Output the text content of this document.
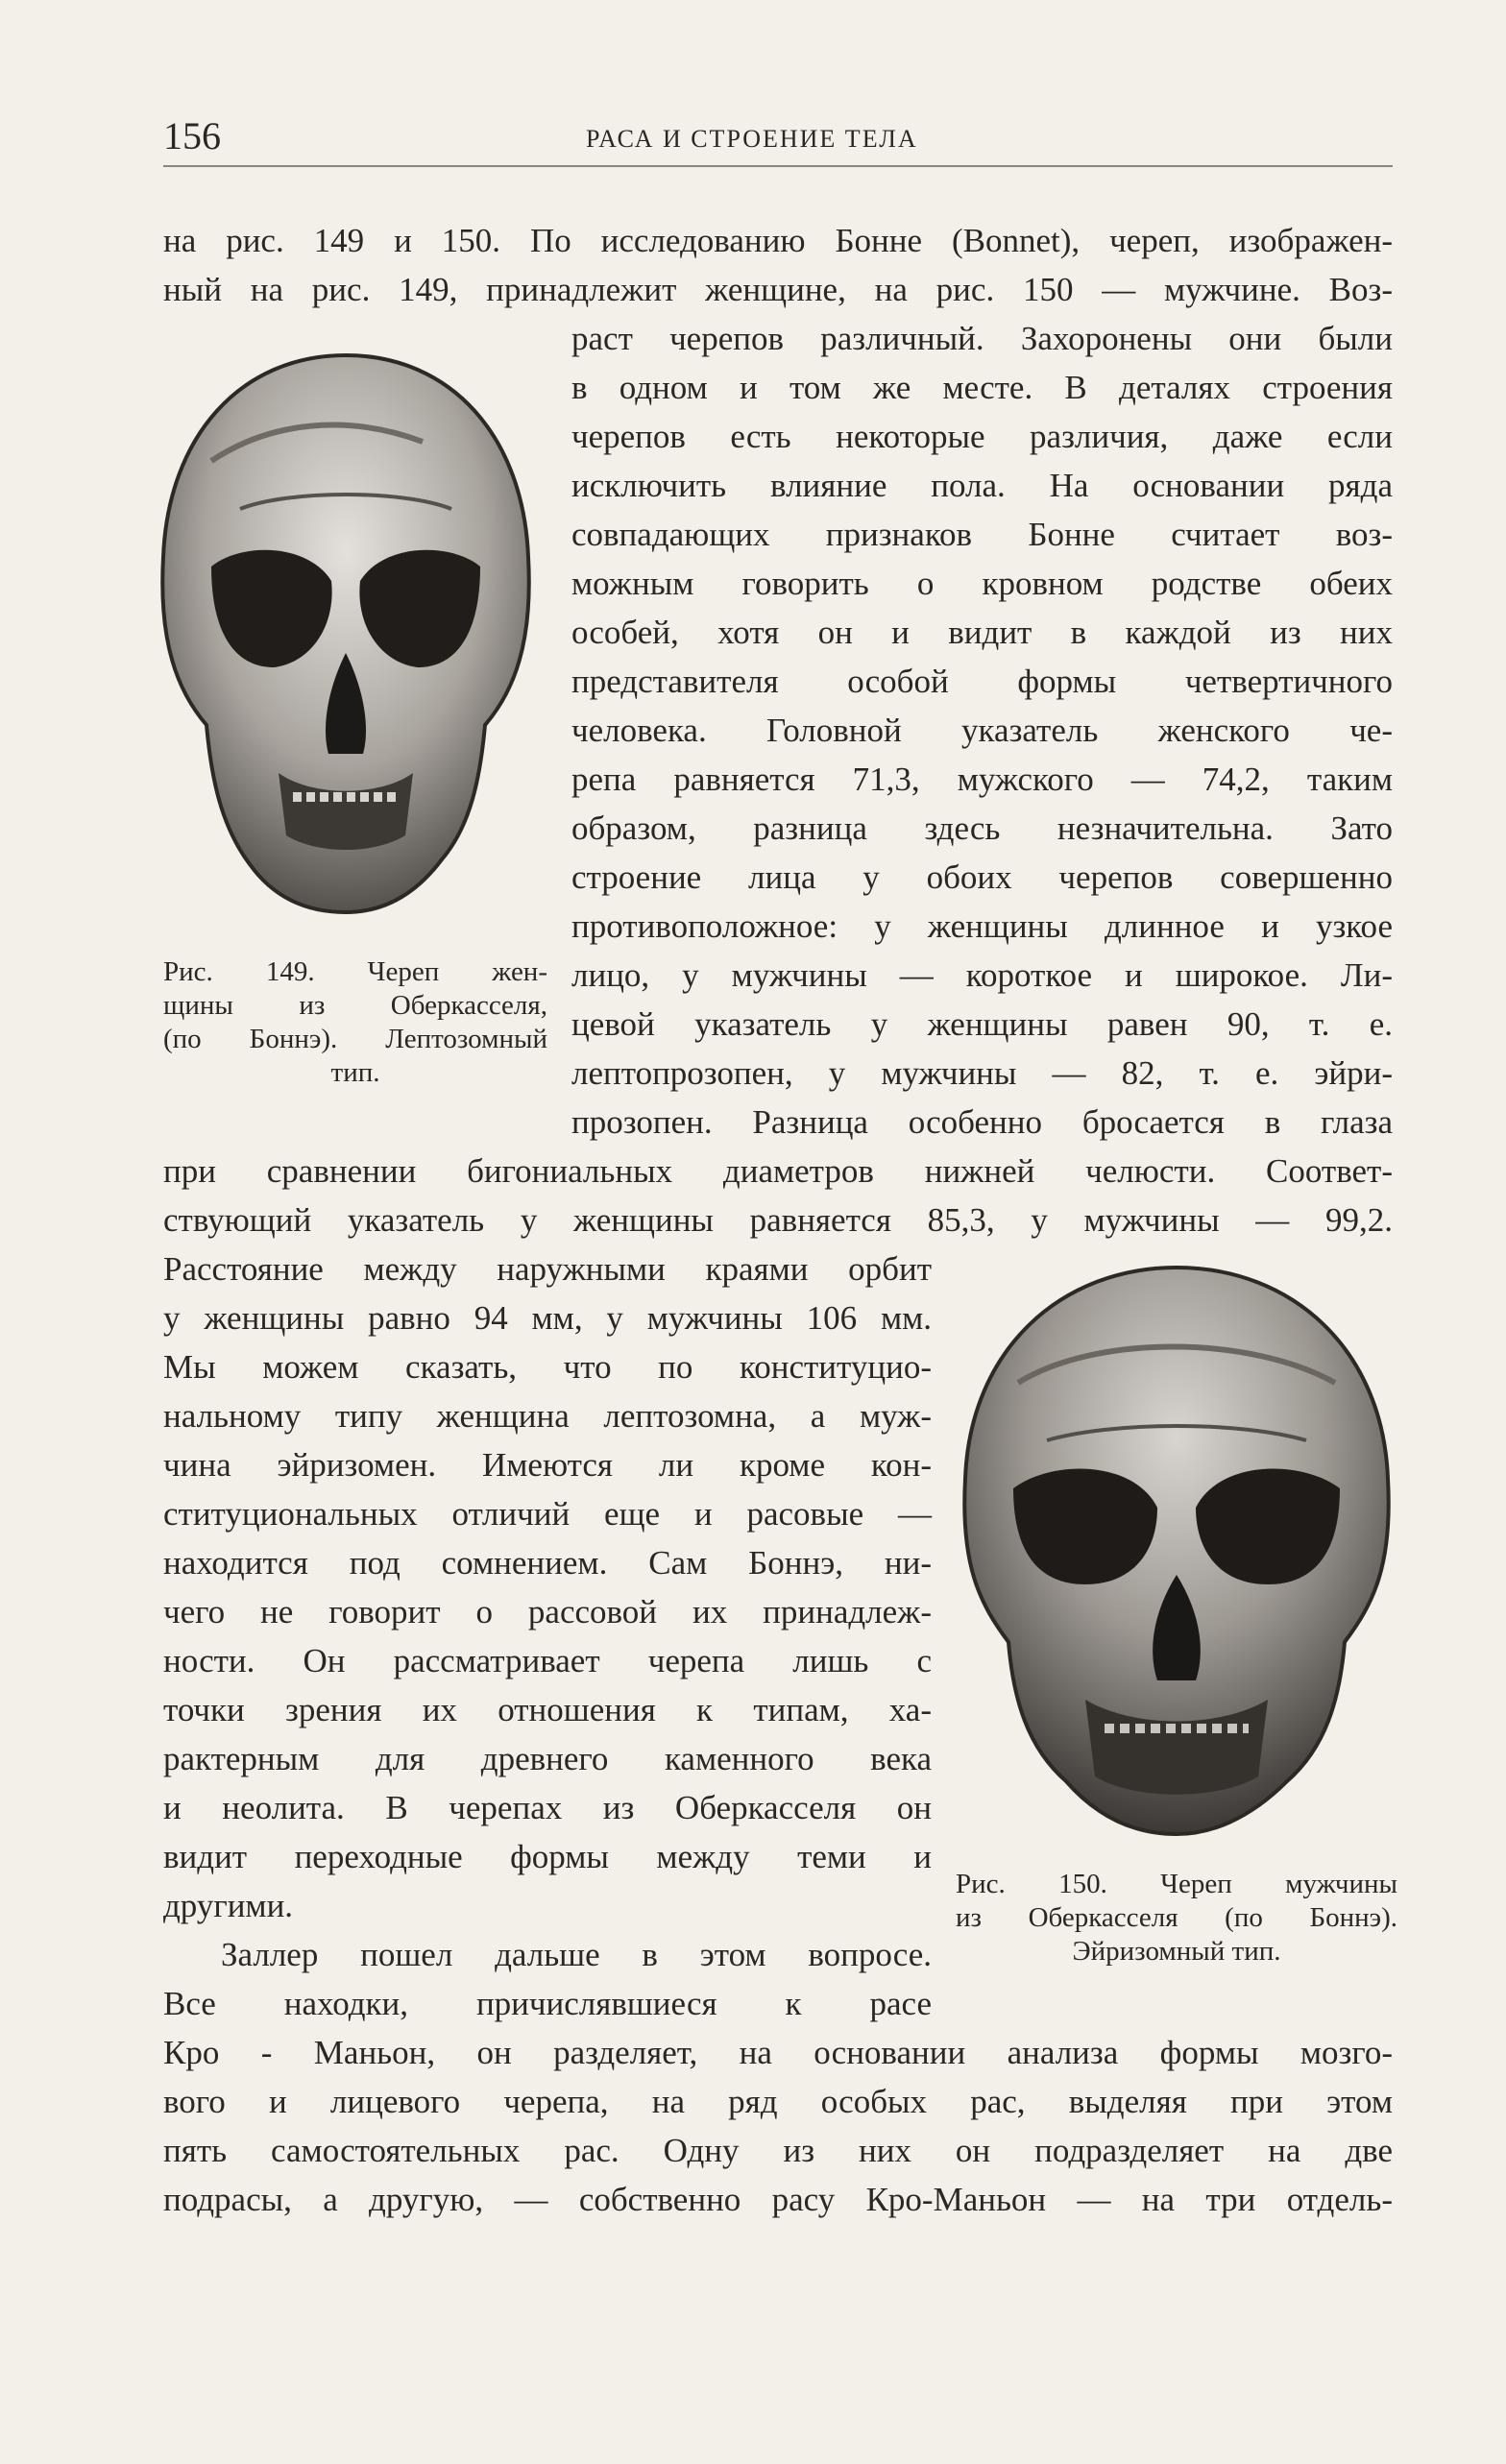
156	РАСА И СТРОЕНИЕ ТЕЛА
на рис. 149 и 150. По исследованию Бонне (Bonnet), череп, изображен-
ный на рис. 149, принадлежит женщине, на рис. 150 — мужчине. Воз-
раст черепов различный. Захоронены они были
в одном и том же месте. В деталях строения
черепов есть некоторые различия, даже если
исключить влияние пола. На основании ряда
совпадающих признаков Бонне считает воз-
можным говорить о кровном родстве обеих
особей, хотя он и видит в каждой из них
представителя особой формы четвертичного
человека. Головной указатель женского че-
репа равняется 71,3, мужского — 74,2, таким
образом, разница здесь незначительна. Зато
строение лица у обоих черепов совершенно
противоположное: у женщины длинное и узкое
лицо, у мужчины — короткое и широкое. Ли-
цевой указатель у женщины равен 90, т. е.
лептопрозопен, у мужчины — 82, т. е. эйри-
прозопен. Разница особенно бросается в глаза
при сравнении бигониальных диаметров нижней челюсти. Соответ-
ствующий указатель у женщины равняется 85,3, у мужчины — 99,2.
Расстояние между наружными краями орбит
у женщины равно 94 мм, у мужчины 106 мм.
Мы можем сказать, что по конституцио-
нальному типу женщина лептозомна, а муж-
чина эйризомен. Имеются ли кроме кон-
ституциональных отличий еще и расовые —
находится под сомнением. Сам Боннэ, ни-
чего не говорит о рассовой их принадлеж-
ности. Он рассматривает черепа лишь с
точки зрения их отношения к типам, ха-
рактерным для древнего каменного века
и неолита. В черепах из Оберкасселя он
видит переходные формы между теми и
другими.
Заллер пошел дальше в этом вопросе.
Все находки, причислявшиеся к расе
Кро - Маньон, он разделяет, на основании анализа формы мозго-
вого и лицевого черепа, на ряд особых рас, выделяя при этом
пять самостоятельных рас. Одну из них он подразделяет на две
подрасы, а другую, — собственно расу Кро-Маньон — на три отдель-
Рис. 149. Череп жен-
щины из Оберкасселя,
(по Боннэ). Лептозомный
тип.
Рис. 150. Череп мужчины
из Оберкасселя (по Боннэ).
Эйризомный тип.
